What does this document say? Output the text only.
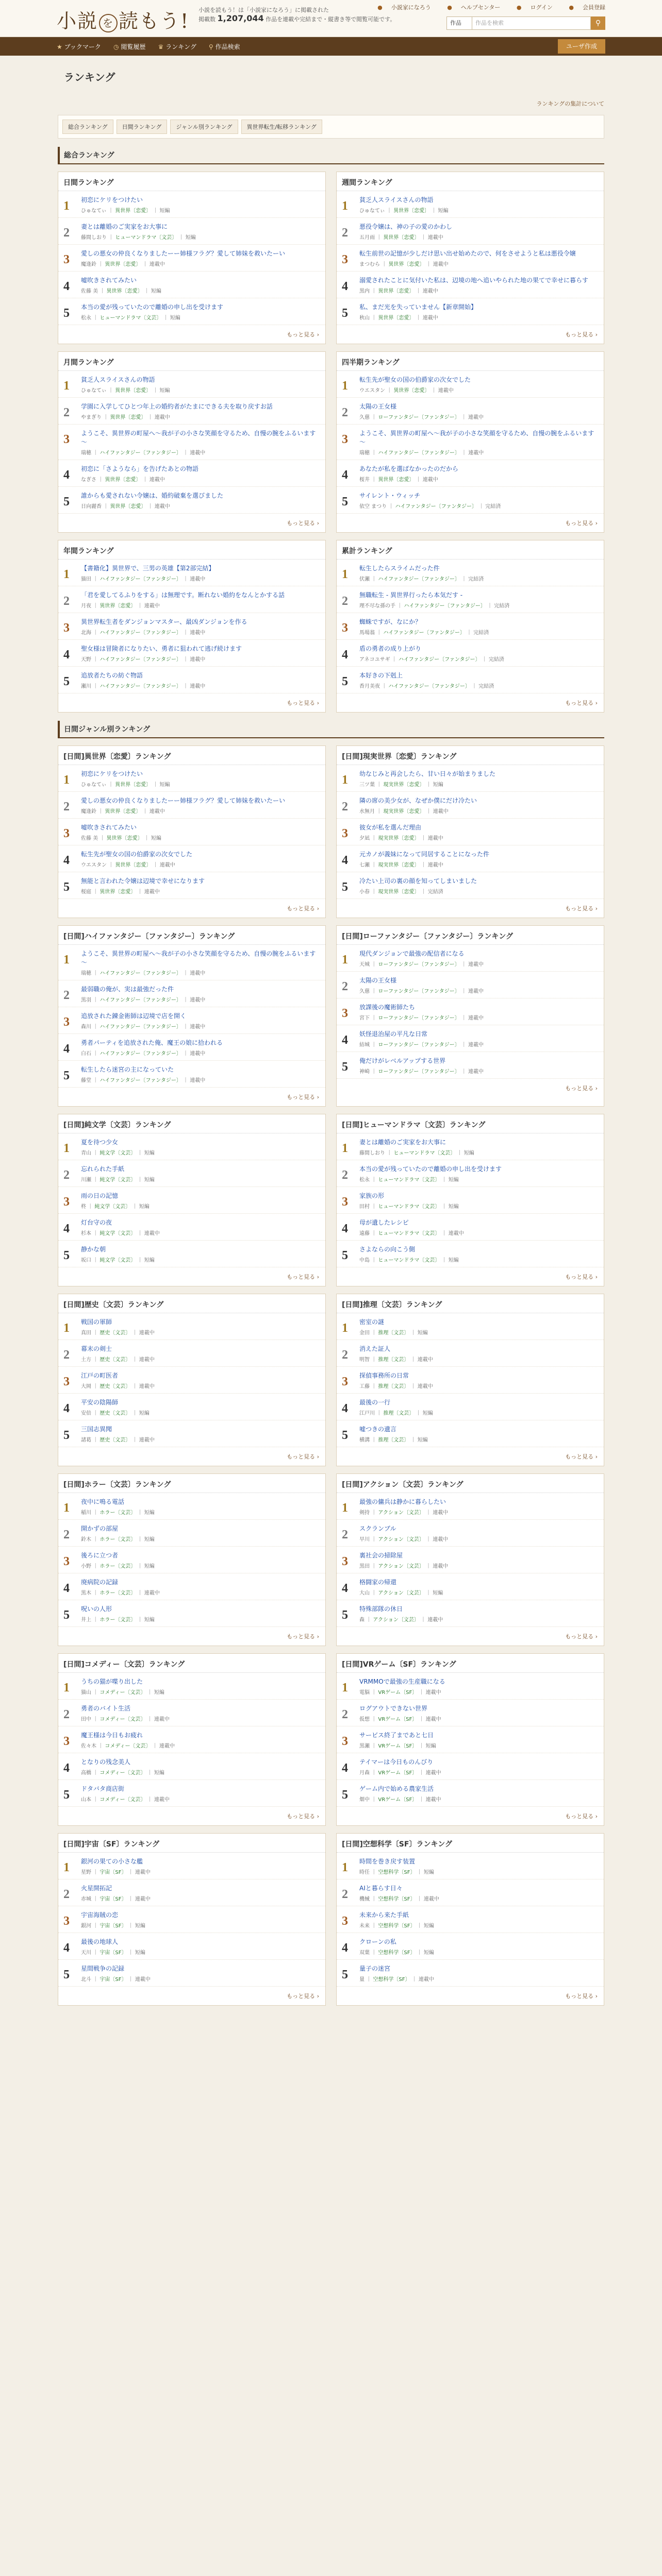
小説 を 読もう! 小説を読もう！は「小説家になろう」に掲載された
掲載数 1,207,044 作品を連載や完結まで・縦書き等で閲覧可能です。
● 小説家になろう	● ヘルプセンター	● ログイン	● 会員登録
作品	作品を検索	⚲
★ ブックマーク ◷ 閲覧履歴 ♛ ランキング ⚲ 作品検索	ユーザ作成
ランキング
ランキングの集計について
総合ランキング	日間ランキング	ジャンル別ランキング	異世界転生/転移ランキング
総合ランキング
日間ランキング
1	初恋にケリをつけたい
ひゅなてぃ ｜ 異世界〔恋愛〕 ｜ 短編
2	妻とは離婚のご実家をお大事に
藤間しおり ｜ ヒューマンドラマ〔文芸〕 ｜ 短編
3	愛しの悪女の仲良くなりましたーー姉様フラグ？愛して姉妹を救いたーい
魔逢鈴 ｜ 異世界〔恋愛〕 ｜ 連載中
4	嘘吹きされてみたい
佐藤 美 ｜ 異世界〔恋愛〕 ｜ 短編
5	本当の愛が残っていたので離婚の申し出を受けます
松永 ｜ ヒューマンドラマ〔文芸〕 ｜ 短編
もっと見る ›
週間ランキング
1	貧乏人スライスさんの物語
ひゅなてぃ ｜ 異世界〔恋愛〕 ｜ 短編
2	悪役令嬢は、神の子の愛のかわし
五月雨 ｜ 異世界〔恋愛〕 ｜ 連載中
3	転生前世の記憶が少しだけ思い出せ始めたので、何をさせようと私は悪役令嬢
まつむら ｜ 異世界〔恋愛〕 ｜ 連載中
4	溺愛されたことに気付いた私は、辺境の地へ追いやられた地の果てで幸せに暮らす
黒内 ｜ 異世界〔恋愛〕 ｜ 連載中
5	私、まだ光を失っていません【新章開始】
秋山 ｜ 異世界〔恋愛〕 ｜ 連載中
もっと見る ›
月間ランキング
1	貧乏人スライスさんの物語
ひゅなてぃ ｜ 異世界〔恋愛〕 ｜ 短編
2	学園に入学してひとつ年上の婚約者がたまにできる夫を取り戻すお話
やまぎり ｜ 異世界〔恋愛〕 ｜ 連載中
3	ようこそ、異世界の町屋へ～我が子の小さな笑顔を守るため、自慢の腕をふるいます～
瑞穂 ｜ ハイファンタジー〔ファンタジー〕 ｜ 連載中
4	初恋に「さようなら」を告げたあとの物語
なぎさ ｜ 異世界〔恋愛〕 ｜ 連載中
5	誰からも愛されない令嬢は、婚約破棄を選びました
日向麗香 ｜ 異世界〔恋愛〕 ｜ 連載中
もっと見る ›
四半期ランキング
1	転生先が聖女の国の伯爵家の次女でした
ウエスタン ｜ 異世界〔恋愛〕 ｜ 連載中
2	太陽の王女様
久慈 ｜ ローファンタジー〔ファンタジー〕 ｜ 連載中
3	ようこそ、異世界の町屋へ～我が子の小さな笑顔を守るため、自慢の腕をふるいます～
瑞穂 ｜ ハイファンタジー〔ファンタジー〕 ｜ 連載中
4	あなたが私を選ばなかったのだから
桜井 ｜ 異世界〔恋愛〕 ｜ 連載中
5	サイレント・ウィッチ
依空 まつり ｜ ハイファンタジー〔ファンタジー〕 ｜ 完結済
もっと見る ›
年間ランキング
1	【書籍化】異世界で、三男の英雄【第2部完結】
猫田 ｜ ハイファンタジー〔ファンタジー〕 ｜ 連載中
2	「君を愛してるふりをする」は無理です。断れない婚約をなんとかする話
月夜 ｜ 異世界〔恋愛〕 ｜ 連載中
3	異世界転生者をダンジョンマスター、最凶ダンジョンを作る
北海 ｜ ハイファンタジー〔ファンタジー〕 ｜ 連載中
4	聖女様は冒険者になりたい、勇者に狙われて逃げ続けます
天野 ｜ ハイファンタジー〔ファンタジー〕 ｜ 連載中
5	追放者たちの紡ぐ物語
瀬川 ｜ ハイファンタジー〔ファンタジー〕 ｜ 連載中
もっと見る ›
累計ランキング
1	転生したらスライムだった件
伏瀬 ｜ ハイファンタジー〔ファンタジー〕 ｜ 完結済
2	無職転生 - 異世界行ったら本気だす -
理不尽な孫の手 ｜ ハイファンタジー〔ファンタジー〕 ｜ 完結済
3	蜘蛛ですが、なにか？
馬場翁 ｜ ハイファンタジー〔ファンタジー〕 ｜ 完結済
4	盾の勇者の成り上がり
アネコユサギ ｜ ハイファンタジー〔ファンタジー〕 ｜ 完結済
5	本好きの下剋上
香月美夜 ｜ ハイファンタジー〔ファンタジー〕 ｜ 完結済
もっと見る ›
日間ジャンル別ランキング
[日間]異世界〔恋愛〕ランキング
1	初恋にケリをつけたい
ひゅなてぃ ｜ 異世界〔恋愛〕 ｜ 短編
2	愛しの悪女の仲良くなりましたーー姉様フラグ？愛して姉妹を救いたーい
魔逢鈴 ｜ 異世界〔恋愛〕 ｜ 連載中
3	嘘吹きされてみたい
佐藤 美 ｜ 異世界〔恋愛〕 ｜ 短編
4	転生先が聖女の国の伯爵家の次女でした
ウエスタン ｜ 異世界〔恋愛〕 ｜ 連載中
5	無能と言われた令嬢は辺境で幸せになります
桜庭 ｜ 異世界〔恋愛〕 ｜ 連載中
もっと見る ›
[日間]現実世界〔恋愛〕ランキング
1	幼なじみと再会したら、甘い日々が始まりました
三ツ葉 ｜ 現実世界〔恋愛〕 ｜ 短編
2	隣の席の美少女が、なぜか僕にだけ冷たい
水無月 ｜ 現実世界〔恋愛〕 ｜ 連載中
3	彼女が私を選んだ理由
夕凪 ｜ 現実世界〔恋愛〕 ｜ 連載中
4	元カノが義妹になって同居することになった件
七瀬 ｜ 現実世界〔恋愛〕 ｜ 連載中
5	冷たい上司の裏の顔を知ってしまいました
小春 ｜ 現実世界〔恋愛〕 ｜ 完結済
もっと見る ›
[日間]ハイファンタジー〔ファンタジー〕ランキング
1	ようこそ、異世界の町屋へ～我が子の小さな笑顔を守るため、自慢の腕をふるいます～
瑞穂 ｜ ハイファンタジー〔ファンタジー〕 ｜ 連載中
2	最弱職の俺が、実は最強だった件
黒羽 ｜ ハイファンタジー〔ファンタジー〕 ｜ 連載中
3	追放された錬金術師は辺境で店を開く
森川 ｜ ハイファンタジー〔ファンタジー〕 ｜ 連載中
4	勇者パーティを追放された俺、魔王の娘に拾われる
白石 ｜ ハイファンタジー〔ファンタジー〕 ｜ 連載中
5	転生したら迷宮の主になっていた
藤堂 ｜ ハイファンタジー〔ファンタジー〕 ｜ 連載中
もっと見る ›
[日間]ローファンタジー〔ファンタジー〕ランキング
1	現代ダンジョンで最強の配信者になる
天城 ｜ ローファンタジー〔ファンタジー〕 ｜ 連載中
2	太陽の王女様
久慈 ｜ ローファンタジー〔ファンタジー〕 ｜ 連載中
3	放課後の魔術師たち
宮下 ｜ ローファンタジー〔ファンタジー〕 ｜ 連載中
4	妖怪退治屋の平凡な日常
結城 ｜ ローファンタジー〔ファンタジー〕 ｜ 連載中
5	俺だけがレベルアップする世界
神崎 ｜ ローファンタジー〔ファンタジー〕 ｜ 連載中
もっと見る ›
[日間]純文学〔文芸〕ランキング
1	夏を待つ少女
青山 ｜ 純文学〔文芸〕 ｜ 短編
2	忘れられた手紙
川瀬 ｜ 純文学〔文芸〕 ｜ 短編
3	雨の日の記憶
柊 ｜ 純文学〔文芸〕 ｜ 短編
4	灯台守の夜
杉本 ｜ 純文学〔文芸〕 ｜ 連載中
5	静かな朝
坂口 ｜ 純文学〔文芸〕 ｜ 短編
もっと見る ›
[日間]ヒューマンドラマ〔文芸〕ランキング
1	妻とは離婚のご実家をお大事に
藤間しおり ｜ ヒューマンドラマ〔文芸〕 ｜ 短編
2	本当の愛が残っていたので離婚の申し出を受けます
松永 ｜ ヒューマンドラマ〔文芸〕 ｜ 短編
3	家族の形
田村 ｜ ヒューマンドラマ〔文芸〕 ｜ 短編
4	母が遺したレシピ
遠藤 ｜ ヒューマンドラマ〔文芸〕 ｜ 連載中
5	さよならの向こう側
中島 ｜ ヒューマンドラマ〔文芸〕 ｜ 短編
もっと見る ›
[日間]歴史〔文芸〕ランキング
1	戦国の軍師
真田 ｜ 歴史〔文芸〕 ｜ 連載中
2	幕末の剣士
土方 ｜ 歴史〔文芸〕 ｜ 連載中
3	江戸の町医者
大岡 ｜ 歴史〔文芸〕 ｜ 連載中
4	平安の陰陽師
安倍 ｜ 歴史〔文芸〕 ｜ 短編
5	三国志異聞
諸葛 ｜ 歴史〔文芸〕 ｜ 連載中
もっと見る ›
[日間]推理〔文芸〕ランキング
1	密室の謎
金田 ｜ 推理〔文芸〕 ｜ 短編
2	消えた証人
明智 ｜ 推理〔文芸〕 ｜ 連載中
3	探偵事務所の日常
工藤 ｜ 推理〔文芸〕 ｜ 連載中
4	最後の一行
江戸川 ｜ 推理〔文芸〕 ｜ 短編
5	嘘つきの遺言
横溝 ｜ 推理〔文芸〕 ｜ 短編
もっと見る ›
[日間]ホラー〔文芸〕ランキング
1	夜中に鳴る電話
稲川 ｜ ホラー〔文芸〕 ｜ 短編
2	開かずの部屋
鈴木 ｜ ホラー〔文芸〕 ｜ 短編
3	後ろに立つ者
小野 ｜ ホラー〔文芸〕 ｜ 短編
4	廃病院の記録
黒木 ｜ ホラー〔文芸〕 ｜ 連載中
5	呪いの人形
井上 ｜ ホラー〔文芸〕 ｜ 短編
もっと見る ›
[日間]アクション〔文芸〕ランキング
1	最強の傭兵は静かに暮らしたい
剣持 ｜ アクション〔文芸〕 ｜ 連載中
2	スクランブル
早川 ｜ アクション〔文芸〕 ｜ 連載中
3	裏社会の掃除屋
黒田 ｜ アクション〔文芸〕 ｜ 連載中
4	格闘家の帰還
大山 ｜ アクション〔文芸〕 ｜ 短編
5	特殊部隊の休日
森 ｜ アクション〔文芸〕 ｜ 連載中
もっと見る ›
[日間]コメディー〔文芸〕ランキング
1	うちの猫が喋り出した
猫山 ｜ コメディー〔文芸〕 ｜ 短編
2	勇者のバイト生活
田中 ｜ コメディー〔文芸〕 ｜ 連載中
3	魔王様は今日もお疲れ
佐々木 ｜ コメディー〔文芸〕 ｜ 連載中
4	となりの残念美人
高橋 ｜ コメディー〔文芸〕 ｜ 短編
5	ドタバタ商店街
山本 ｜ コメディー〔文芸〕 ｜ 連載中
もっと見る ›
[日間]VRゲーム〔SF〕ランキング
1	VRMMOで最強の生産職になる
電脳 ｜ VRゲーム〔SF〕 ｜ 連載中
2	ログアウトできない世界
仮想 ｜ VRゲーム〔SF〕 ｜ 連載中
3	サービス終了まであと七日
黒瀬 ｜ VRゲーム〔SF〕 ｜ 短編
4	テイマーは今日ものんびり
月森 ｜ VRゲーム〔SF〕 ｜ 連載中
5	ゲーム内で始める農家生活
畑中 ｜ VRゲーム〔SF〕 ｜ 連載中
もっと見る ›
[日間]宇宙〔SF〕ランキング
1	銀河の果ての小さな艦
星野 ｜ 宇宙〔SF〕 ｜ 連載中
2	火星開拓記
赤城 ｜ 宇宙〔SF〕 ｜ 連載中
3	宇宙海賊の恋
銀河 ｜ 宇宙〔SF〕 ｜ 短編
4	最後の地球人
天川 ｜ 宇宙〔SF〕 ｜ 短編
5	星間戦争の記録
北斗 ｜ 宇宙〔SF〕 ｜ 連載中
もっと見る ›
[日間]空想科学〔SF〕ランキング
1	時間を巻き戻す装置
時任 ｜ 空想科学〔SF〕 ｜ 短編
2	AIと暮らす日々
機械 ｜ 空想科学〔SF〕 ｜ 連載中
3	未来から来た手紙
未来 ｜ 空想科学〔SF〕 ｜ 短編
4	クローンの私
双葉 ｜ 空想科学〔SF〕 ｜ 短編
5	量子の迷宮
量 ｜ 空想科学〔SF〕 ｜ 連載中
もっと見る ›
